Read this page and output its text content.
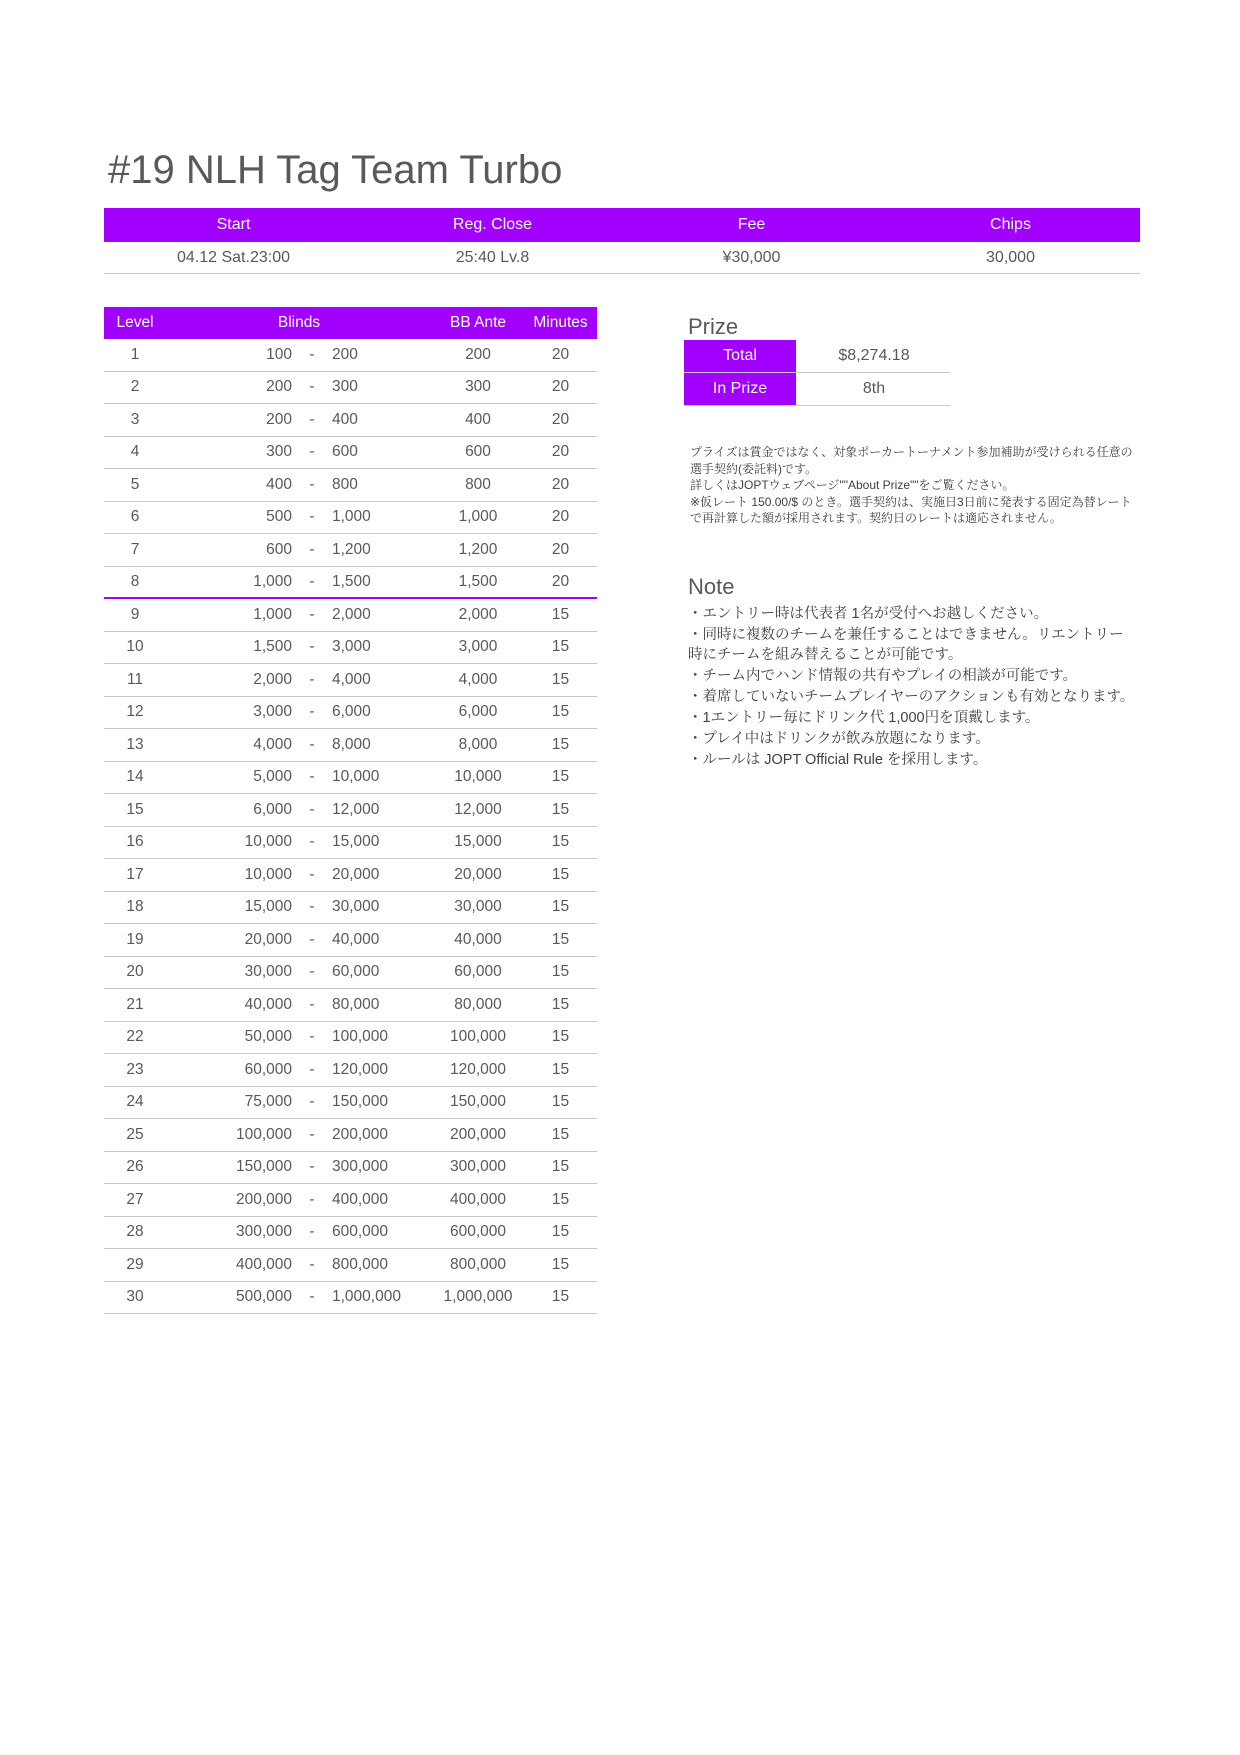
#19 NLH Tag Team Turbo
Start	Reg. Close	Fee	Chips
04.12 Sat.23:00	25:40 Lv.8	¥30,000	30,000
Level	Blinds	BB Ante	Minutes
1	100	-	200	200	20
2	200	-	300	300	20
3	200	-	400	400	20
4	300	-	600	600	20
5	400	-	800	800	20
6	500	-	1,000	1,000	20
7	600	-	1,200	1,200	20
8	1,000	-	1,500	1,500	20
9	1,000	-	2,000	2,000	15
10	1,500	-	3,000	3,000	15
11	2,000	-	4,000	4,000	15
12	3,000	-	6,000	6,000	15
13	4,000	-	8,000	8,000	15
14	5,000	-	10,000	10,000	15
15	6,000	-	12,000	12,000	15
16	10,000	-	15,000	15,000	15
17	10,000	-	20,000	20,000	15
18	15,000	-	30,000	30,000	15
19	20,000	-	40,000	40,000	15
20	30,000	-	60,000	60,000	15
21	40,000	-	80,000	80,000	15
22	50,000	-	100,000	100,000	15
23	60,000	-	120,000	120,000	15
24	75,000	-	150,000	150,000	15
25	100,000	-	200,000	200,000	15
26	150,000	-	300,000	300,000	15
27	200,000	-	400,000	400,000	15
28	300,000	-	600,000	600,000	15
29	400,000	-	800,000	800,000	15
30	500,000	-	1,000,000	1,000,000	15
Prize
Total	$8,274.18
In Prize	8th

プライズは賞金ではなく、対象ポーカートーナメント参加補助が受けられる任意の選手契約(委託料)です。

詳しくはJOPTウェブページ""About Prize""をご覧ください。

※仮レート 150.00/$ のとき。選手契約は、実施日3日前に発表する固定為替レートで再計算した額が採用されます。契約日のレートは適応されません。

Note

・エントリー時は代表者 1名が受付へお越しください。

・同時に複数のチームを兼任することはできません。リエントリー時にチームを組み替えることが可能です。

・チーム内でハンド情報の共有やプレイの相談が可能です。

・着席していないチームプレイヤーのアクションも有効となります。

・1エントリー毎にドリンク代 1,000円を頂戴します。

・プレイ中はドリンクが飲み放題になります。

・ルールは JOPT Official Rule を採用します。
